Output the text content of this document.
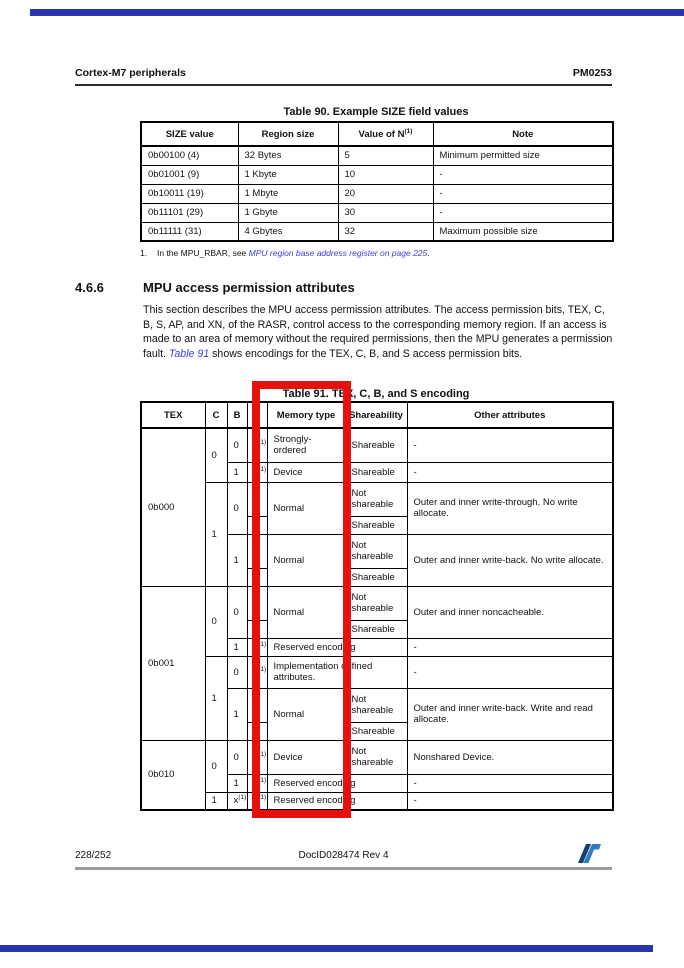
Cortex-M7 peripherals	PM0253
Table 90. Example SIZE field values
SIZE value	Region size	Value of $N^{(1)}$	Note
0b00100 (4)	32 Bytes	5	Minimum permitted size
0b01001 (9)	1 Kbyte	10	-
0b10011 (19)	1 Mbyte	20	-
0b11101 (29)	1 Gbyte	30	-
0b11111 (31)	4 Gbytes	32	Maximum possible size
1. In the MPU_RBAR, see MPU region base address register on page 225.
4.6.6	MPU access permission attributes
This section describes the MPU access permission attributes. The access permission bits, TEX, C, B, S, AP, and XN, of the RASR, control access to the corresponding memory region. If an access is made to an area of memory without the required permissions, then the MPU generates a permission fault. Table 91 shows encodings for the TEX, C, B, and S access permission bits.
Table 91. TEX, C, B, and S encoding
TEX	C	B	S	Memory type	Shareability	Other attributes
0b000	0	0	$x^{(1)}$	Strongly-ordered	Shareable	-
		1	$x^{(1)}$	Device	Shareable	-
	1	0	0	Normal	Not shareable	Outer and inner write-through. No write allocate.
			1		Shareable	
		1	0	Normal	Not shareable	Outer and inner write-back. No write allocate.
			1		Shareable	
0b001	0	0	0	Normal	Not shareable	Outer and inner noncacheable.
			1		Shareable	
		1	$x^{(1)}$	Reserved encoding		-
	1	0	$x^{(1)}$	Implementation defined attributes.		-
		1	0	Normal	Not shareable	Outer and inner write-back. Write and read allocate.
			1		Shareable	
0b010	0	0	$x^{(1)}$	Device	Not shareable	Nonshared Device.
		1	$x^{(1)}$	Reserved encoding		-
	1	$x^{(1)}$	$x^{(1)}$	Reserved encoding		-
228/252	DocID028474 Rev 4
